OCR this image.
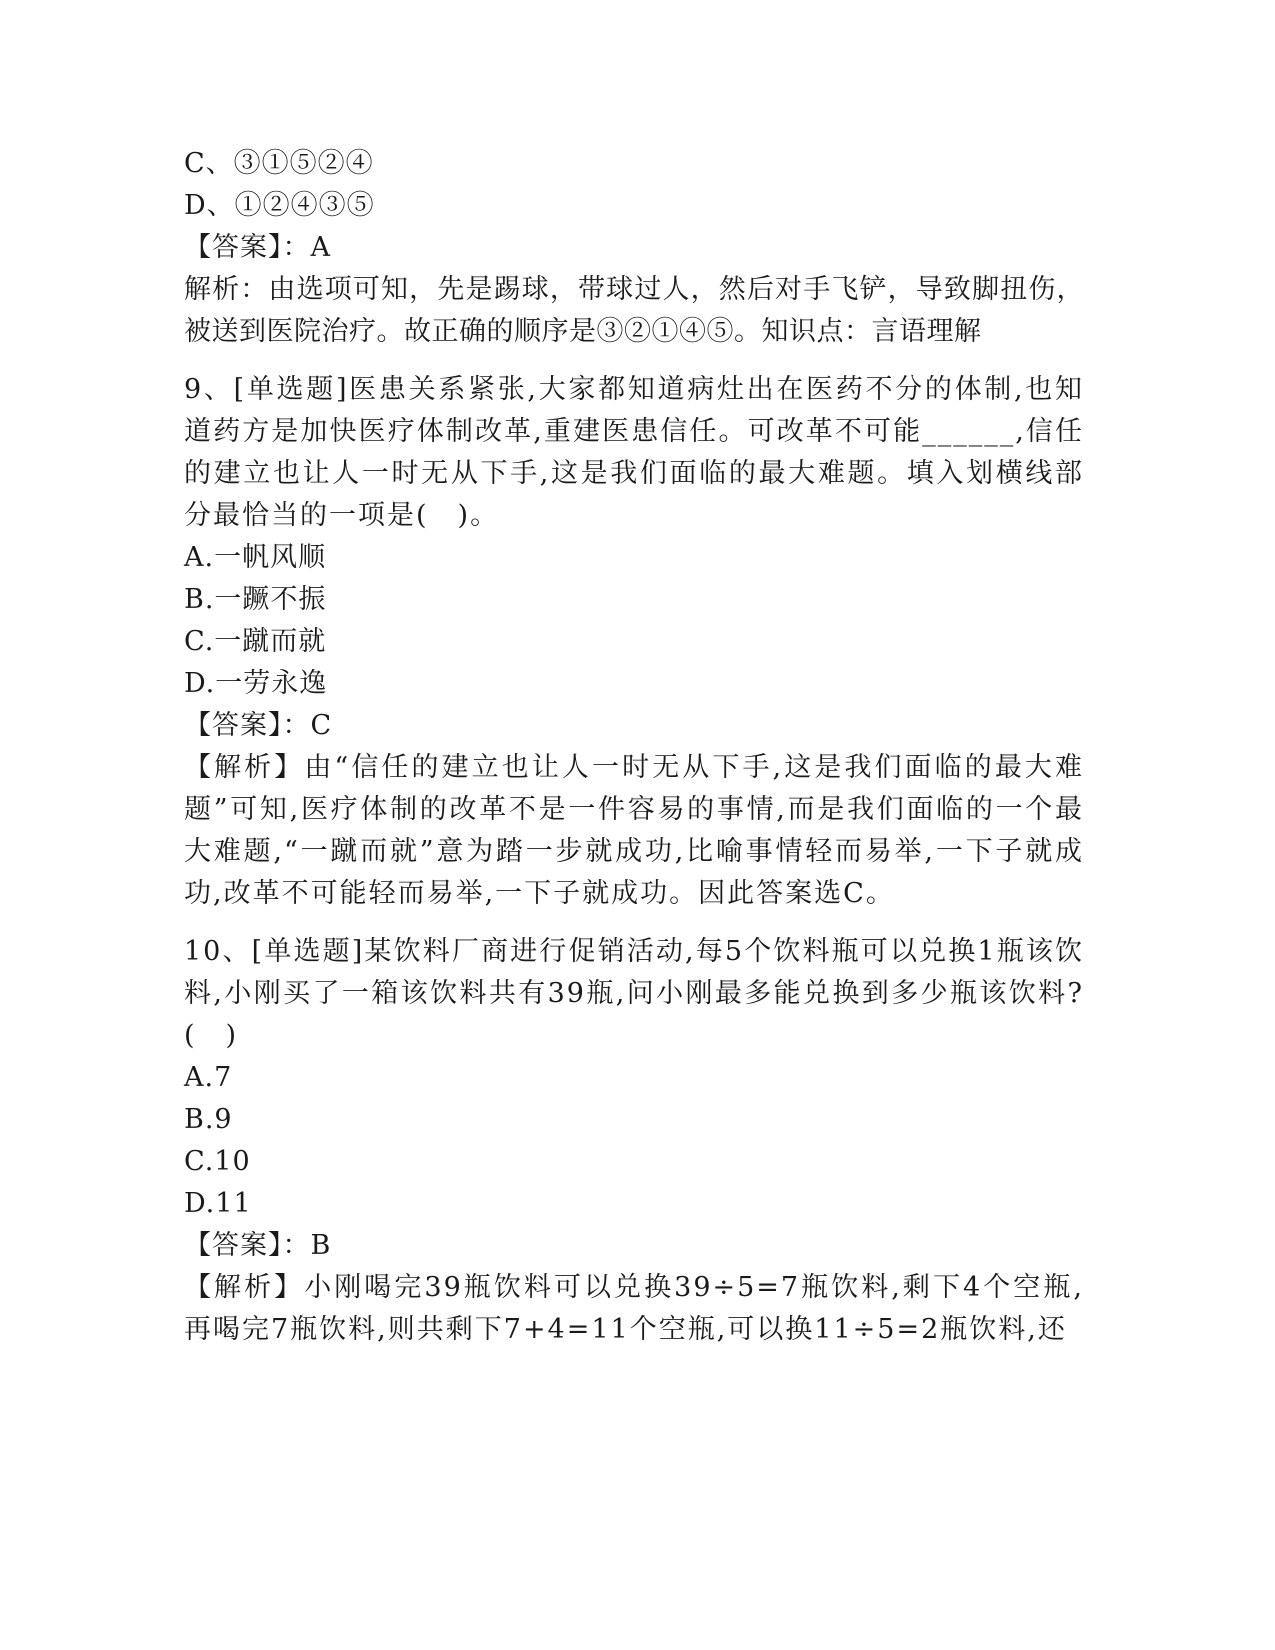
C、③①⑤②④
D、①②④③⑤
【答案】：A
解析：由选项可知，先是踢球，带球过人，然后对手飞铲，导致脚扭伤，被送到医院治疗。故正确的顺序是③②①④⑤。知识点：言语理解
9、[单选题]医患关系紧张,大家都知道病灶出在医药不分的体制,也知道药方是加快医疗体制改革,重建医患信任。可改革不可能______,信任的建立也让人一时无从下手,这是我们面临的最大难题。填入划横线部分最恰当的一项是(　)。
A.一帆风顺
B.一蹶不振
C.一蹴而就
D.一劳永逸
【答案】：C
【解析】由“信任的建立也让人一时无从下手,这是我们面临的最大难题”可知,医疗体制的改革不是一件容易的事情,而是我们面临的一个最大难题,“一蹴而就”意为踏一步就成功,比喻事情轻而易举,一下子就成功,改革不可能轻而易举,一下子就成功。因此答案选C。
10、[单选题]某饮料厂商进行促销活动,每5个饮料瓶可以兑换1瓶该饮料,小刚买了一箱该饮料共有39瓶,问小刚最多能兑换到多少瓶该饮料?(　)
A.7
B.9
C.10
D.11
【答案】：B
【解析】小刚喝完39瓶饮料可以兑换39÷5=7瓶饮料,剩下4个空瓶,再喝完7瓶饮料,则共剩下7+4=11个空瓶,可以换11÷5=2瓶饮料,还
